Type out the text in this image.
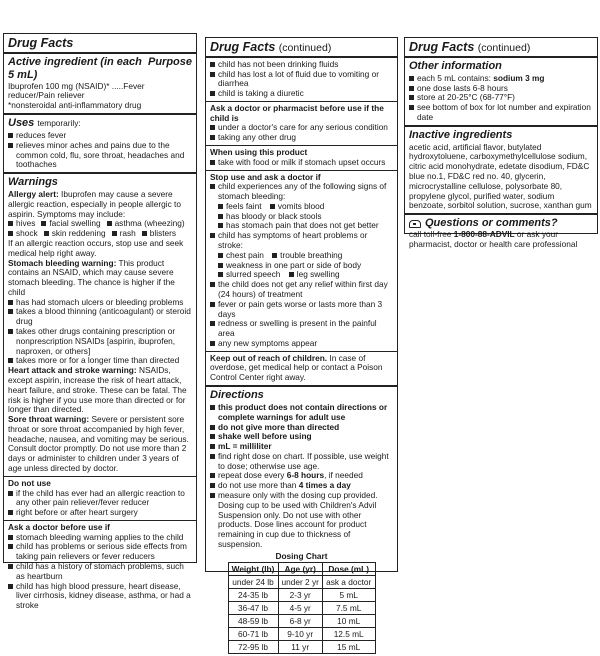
Drug Facts
Active ingredient (in each 5 mL)
Purpose
Ibuprofen 100 mg (NSAID)* .....Fever reducer/Pain reliever
*nonsteroidal anti-inflammatory drug
Uses temporarily:
reduces fever
relieves minor aches and pains due to the common cold, flu, sore throat, headaches and toothaches
Warnings
Allergy alert: Ibuprofen may cause a severe allergic reaction, especially in people allergic to aspirin. Symptoms may include:
hives	facial swelling	asthma (wheezing)
shock	skin reddening	rash	blisters
If an allergic reaction occurs, stop use and seek medical help right away.
Stomach bleeding warning: This product contains an NSAID, which may cause severe stomach bleeding. The chance is higher if the child
has had stomach ulcers or bleeding problems
takes a blood thinning (anticoagulant) or steroid drug
takes other drugs containing prescription or nonprescription NSAIDs [aspirin, ibuprofen, naproxen, or others]
takes more or for a longer time than directed
Heart attack and stroke warning: NSAIDs, except aspirin, increase the risk of heart attack, heart failure, and stroke. These can be fatal. The risk is higher if you use more than directed or for longer than directed.
Sore throat warning: Severe or persistent sore throat or sore throat accompanied by high fever, headache, nausea, and vomiting may be serious. Consult doctor promptly. Do not use more than 2 days or administer to children under 3 years of age unless directed by doctor.
Do not use
if the child has ever had an allergic reaction to any other pain reliever/fever reducer
right before or after heart surgery
Ask a doctor before use if
stomach bleeding warning applies to the child
child has problems or serious side effects from taking pain relievers or fever reducers
child has a history of stomach problems, such as heartburn
child has high blood pressure, heart disease, liver cirrhosis, kidney disease, asthma, or had a stroke
Drug Facts (continued)
child has not been drinking fluids
child has lost a lot of fluid due to vomiting or diarrhea
child is taking a diuretic
Ask a doctor or pharmacist before use if the child is
under a doctor's care for any serious condition
taking any other drug
When using this product
take with food or milk if stomach upset occurs
Stop use and ask a doctor if
child experiences any of the following signs of stomach bleeding:
feels faint vomits blood
has bloody or black stools
has stomach pain that does not get better
child has symptoms of heart problems or stroke:
chest pain trouble breathing
weakness in one part or side of body
slurred speech leg swelling
the child does not get any relief within first day (24 hours) of treatment
fever or pain gets worse or lasts more than 3 days
redness or swelling is present in the painful area
any new symptoms appear
Keep out of reach of children. In case of overdose, get medical help or contact a Poison Control Center right away.
Directions
this product does not contain directions or complete warnings for adult use
do not give more than directed
shake well before using
mL = milliliter
find right dose on chart. If possible, use weight to dose; otherwise use age.
repeat dose every 6-8 hours, if needed
do not use more than 4 times a day
measure only with the dosing cup provided. Dosing cup to be used with Children's Advil Suspension only. Do not use with other products. Dose lines account for product remaining in cup due to thickness of suspension.
Dosing Chart
Weight (lb)	Age (yr)	Dose (mL)
under 24 lb	under 2 yr	ask a doctor
24-35 lb	2-3 yr	5 mL
36-47 lb	4-5 yr	7.5 mL
48-59 lb	6-8 yr	10 mL
60-71 lb	9-10 yr	12.5 mL
72-95 lb	11 yr	15 mL
Drug Facts (continued)
Other information
each 5 mL contains: sodium 3 mg
one dose lasts 6-8 hours
store at 20-25°C (68-77°F)
see bottom of box for lot number and expiration date
Inactive ingredients
acetic acid, artificial flavor, butylated hydroxytoluene, carboxymethylcellulose sodium, citric acid monohydrate, edetate disodium, FD&C blue no.1, FD&C red no. 40, glycerin, microcrystalline cellulose, polysorbate 80, propylene glycol, purified water, sodium benzoate, sorbitol solution, sucrose, xanthan gum
Questions or comments?
call toll-free 1-800-88-ADVIL or ask your pharmacist, doctor or health care professional
